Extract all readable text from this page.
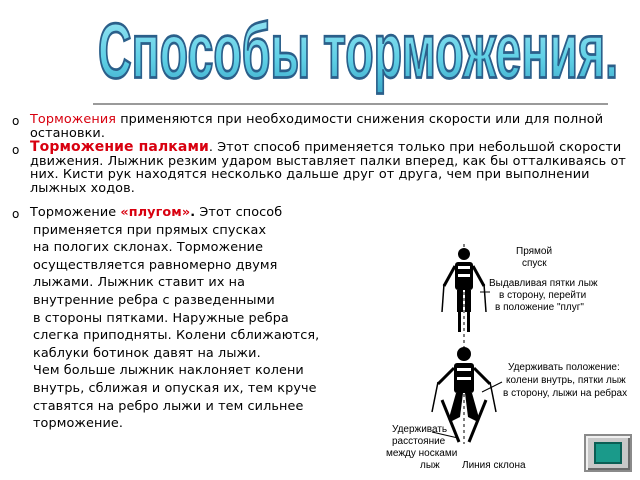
Способы торможения.
o Торможения применяются при необходимости снижения скорости или для полной остановки.
o Торможение палками. Этот способ применяется только при небольшой скорости движения. Лыжник резким ударом выставляет палки вперед, как бы отталкиваясь от них. Кисти рук находятся несколько дальше друг от друга, чем при выполнении лыжных ходов.
o Торможение «плугом». Этот способ
применяется при прямых спусках
на пологих склонах. Торможение
осуществляется равномерно двумя
лыжами. Лыжник ставит их на
внутренние ребра с разведенными
в стороны пятками. Наружные ребра
слегка приподняты. Колени сближаются,
каблуки ботинок давят на лыжи.
Чем больше лыжник наклоняет колени
внутрь, сближая и опуская их, тем круче
ставятся на ребро лыжи и тем сильнее
торможение.
Прямой
спуск
Выдавливая пятки лыж
в сторону, перейти
в положение "плуг"
Удерживать положение:
колени внутрь, пятки лыж
в сторону, лыжи на ребрах
Удерживать
расстояние
между носками
лыж Линия склона
